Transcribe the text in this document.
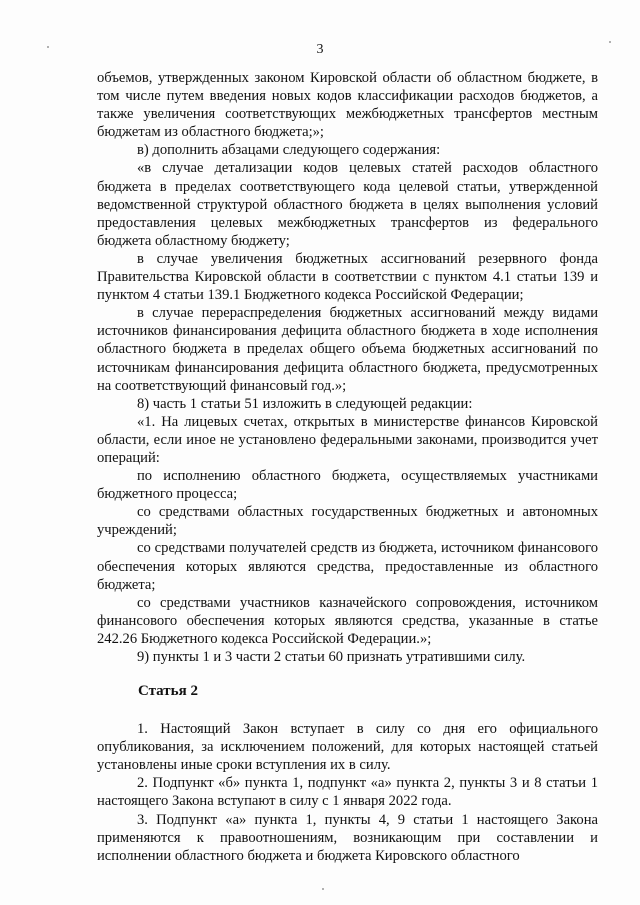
3

объемов, утвержденных законом Кировской области об областном бюджете, в том числе путем введения новых кодов классификации расходов бюджетов, а также увеличения соответствующих межбюджетных трансфертов местным бюджетам из областного бюджета;»;

в) дополнить абзацами следующего содержания:

«в случае детализации кодов целевых статей расходов областного бюджета в пределах соответствующего кода целевой статьи, утвержденной ведомственной структурой областного бюджета в целях выполнения условий предоставления целевых межбюджетных трансфертов из федерального бюджета областному бюджету;

в случае увеличения бюджетных ассигнований резервного фонда Правительства Кировской области в соответствии с пунктом 4.1 статьи 139 и пунктом 4 статьи 139.1 Бюджетного кодекса Российской Федерации;

в случае перераспределения бюджетных ассигнований между видами источников финансирования дефицита областного бюджета в ходе исполнения областного бюджета в пределах общего объема бюджетных ассигнований по источникам финансирования дефицита областного бюджета, предусмотренных на соответствующий финансовый год.»;

8) часть 1 статьи 51 изложить в следующей редакции:

«1. На лицевых счетах, открытых в министерстве финансов Кировской области, если иное не установлено федеральными законами, производится учет операций:

по исполнению областного бюджета, осуществляемых участниками бюджетного процесса;

со средствами областных государственных бюджетных и автономных учреждений;

со средствами получателей средств из бюджета, источником финансового обеспечения которых являются средства, предоставленные из областного бюджета;

со средствами участников казначейского сопровождения, источником финансового обеспечения которых являются средства, указанные в статье 242.26 Бюджетного кодекса Российской Федерации.»;

9) пункты 1 и 3 части 2 статьи 60 признать утратившими силу.

Статья 2

1. Настоящий Закон вступает в силу со дня его официального опубликования, за исключением положений, для которых настоящей статьей установлены иные сроки вступления их в силу.

2. Подпункт «б» пункта 1, подпункт «а» пункта 2, пункты 3 и 8 статьи 1 настоящего Закона вступают в силу с 1 января 2022 года.

3. Подпункт «а» пункта 1, пункты 4, 9 статьи 1 настоящего Закона применяются к правоотношениям, возникающим при составлении и исполнении областного бюджета и бюджета Кировского областного
